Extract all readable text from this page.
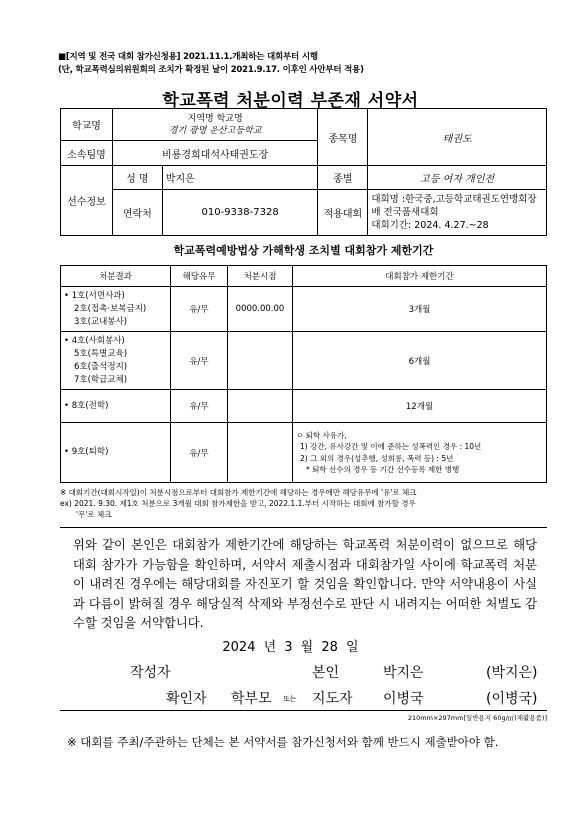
■[지역 및 전국 대회 참가신청용] 2021.11.1.개최하는 대회부터 시행
(단, 학교폭력심의위원회의 조치가 확정된 날이 2021.9.17. 이후인 사안부터 적용)
학교폭력 처분이력 부존재 서약서
학교명	지역명 학교명
경기 광명 운산고등학교		종목명	태권도
소속팀명	비룡경희대석사태권도장			
선수정보	성 명	박지은	종별	고등 여자 개인전
	연락처	010-9338-7328	적용대회	대회명 :한국중,고등학교태권도연맹회장배 전국품새대회
대회기간: 2024. 4.27.~28
학교폭력예방법상 가해학생 조치별 대회참가 제한기간
처분결과	해당유무	처분시점	대회참가 제한기간

• 1호(서면사과)
2호(접촉·보복금지)
3호(교내봉사)	유/무	0000.00.00	3개월

• 4호(사회봉사)
5호(특별교육)
6호(출석정지)
7호(학급교체)	유/무		6개월

• 8호(전학)	유/무		12개월

• 9호(퇴학)	유/무		ㅇ 퇴학 사유가,
1) 강간, 유사강간 및 이에 준하는 성폭력인 경우 : 10년
2) 그 외의 경우(성추행, 성희롱, 폭력 등) : 5년
* 퇴학 선수의 경우 등 기간 선수등록 제한 병행
※ 대회기간(대회시작일)이 처분시점으로부터 대회참가 제한기간에 해당하는 경우에만 해당유무에 '유'로 체크
ex) 2021. 9.30. 제1호 처분으로 3개월 대회 참가제한을 받고, 2022.1.1.부터 시작하는 대회에 참가할 경우
'무'로 체크
위와 같이 본인은 대회참가 제한기간에 해당하는 학교폭력 처분이력이 없으므로 해당 대회 참가가 가능함을 확인하며, 서약서 제출시점과 대회참가일 사이에 학교폭력 처분이 내려진 경우에는 해당대회를 자진포기 할 것임을 확인합니다. 만약 서약내용이 사실과 다름이 밝혀질 경우 해당실적 삭제와 부정선수로 판단 시 내려지는 어떠한 처벌도 감수할 것임을 서약합니다.
2024 년 3 월 28 일
작성자	본인	박지은	(박지은)
확인자 학부모 또는 지도자 이병국	(이병국)
210mm×297mm[일반용지 60g/㎡(재활용품)]
※ 대회를 주최/주관하는 단체는 본 서약서를 참가신청서와 함께 반드시 제출받아야 함.
